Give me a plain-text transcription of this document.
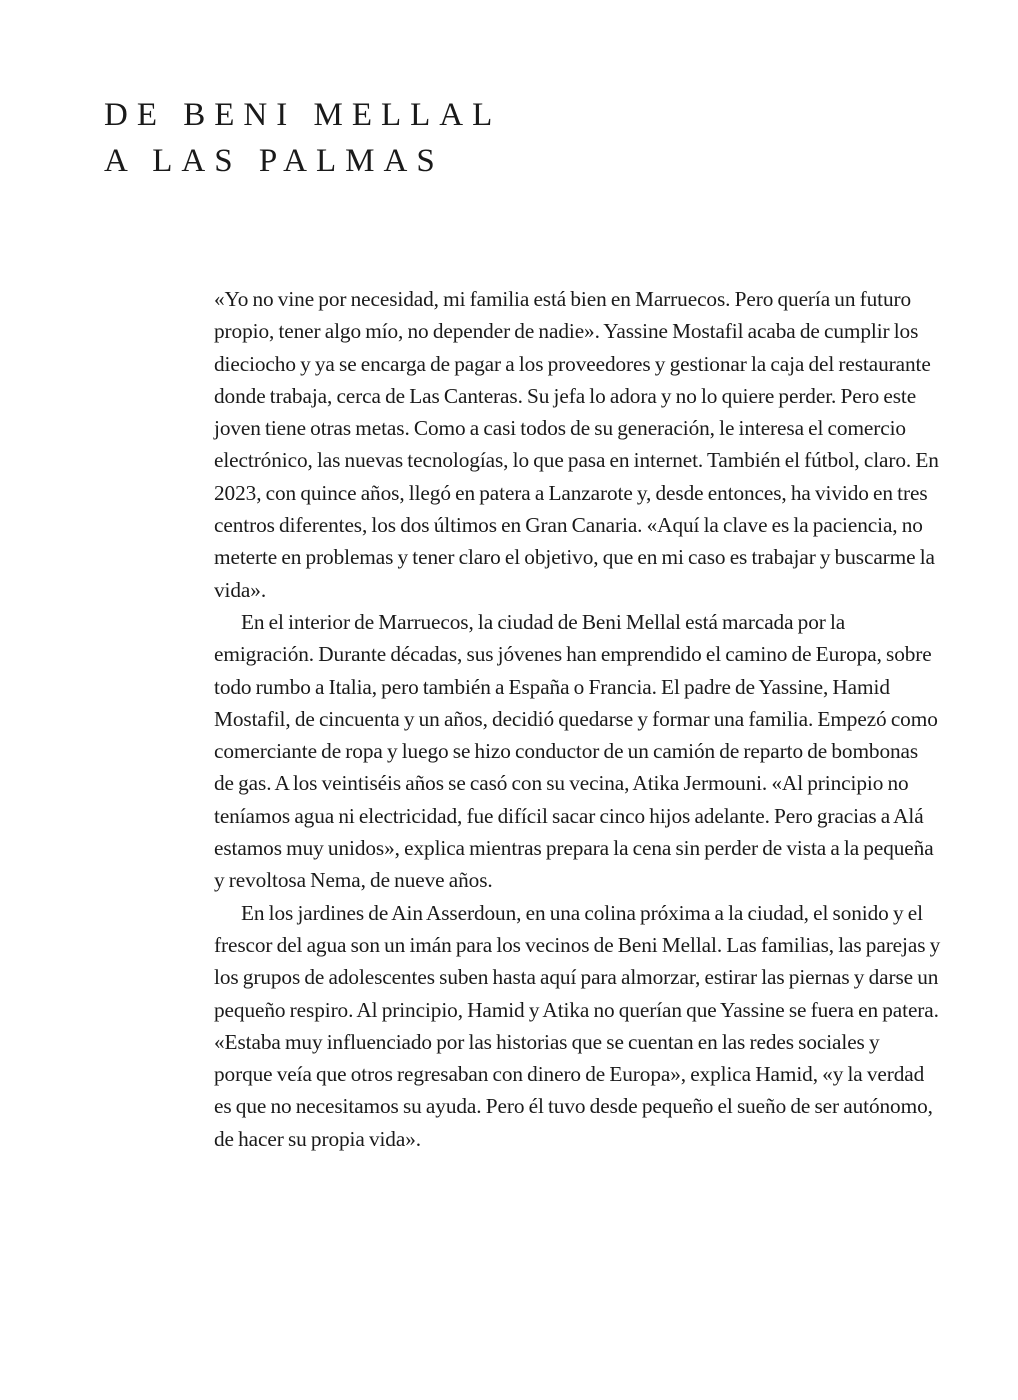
DE BENI MELLAL
A LAS PALMAS

«Yo no vine por necesidad, mi familia está bien en Marruecos. Pero quería un futuro propio, tener algo mío, no depender de nadie». Yassine Mostafil acaba de cumplir los dieciocho y ya se encarga de pagar a los proveedores y gestionar la caja del restaurante donde trabaja, cerca de Las Canteras. Su jefa lo adora y no lo quiere perder. Pero este joven tiene otras metas. Como a casi todos de su generación, le interesa el comercio electrónico, las nuevas tecnologías, lo que pasa en internet. También el fútbol, claro. En 2023, con quince años, llegó en patera a Lanzarote y, desde entonces, ha vivido en tres centros diferentes, los dos últimos en Gran Canaria. «Aquí la clave es la paciencia, no meterte en problemas y tener claro el objetivo, que en mi caso es trabajar y buscarme la vida».

En el interior de Marruecos, la ciudad de Beni Mellal está marcada por la emigración. Durante décadas, sus jóvenes han emprendido el camino de Europa, sobre todo rumbo a Italia, pero también a España o Francia. El padre de Yassine, Hamid Mostafil, de cincuenta y un años, decidió quedarse y formar una familia. Empezó como comerciante de ropa y luego se hizo conductor de un camión de reparto de bombonas de gas. A los veintiséis años se casó con su vecina, Atika Jermouni. «Al principio no teníamos agua ni electricidad, fue difícil sacar cinco hijos adelante. Pero gracias a Alá estamos muy unidos», explica mientras prepara la cena sin perder de vista a la pequeña y revoltosa Nema, de nueve años.

En los jardines de Ain Asserdoun, en una colina próxima a la ciudad, el sonido y el frescor del agua son un imán para los vecinos de Beni Mellal. Las familias, las parejas y los grupos de adolescentes suben hasta aquí para almorzar, estirar las piernas y darse un pequeño respiro. Al principio, Hamid y Atika no querían que Yassine se fuera en patera. «Estaba muy influenciado por las historias que se cuentan en las redes sociales y porque veía que otros regresaban con dinero de Europa», explica Hamid, «y la verdad es que no necesitamos su ayuda. Pero él tuvo desde pequeño el sueño de ser autónomo, de hacer su propia vida».
